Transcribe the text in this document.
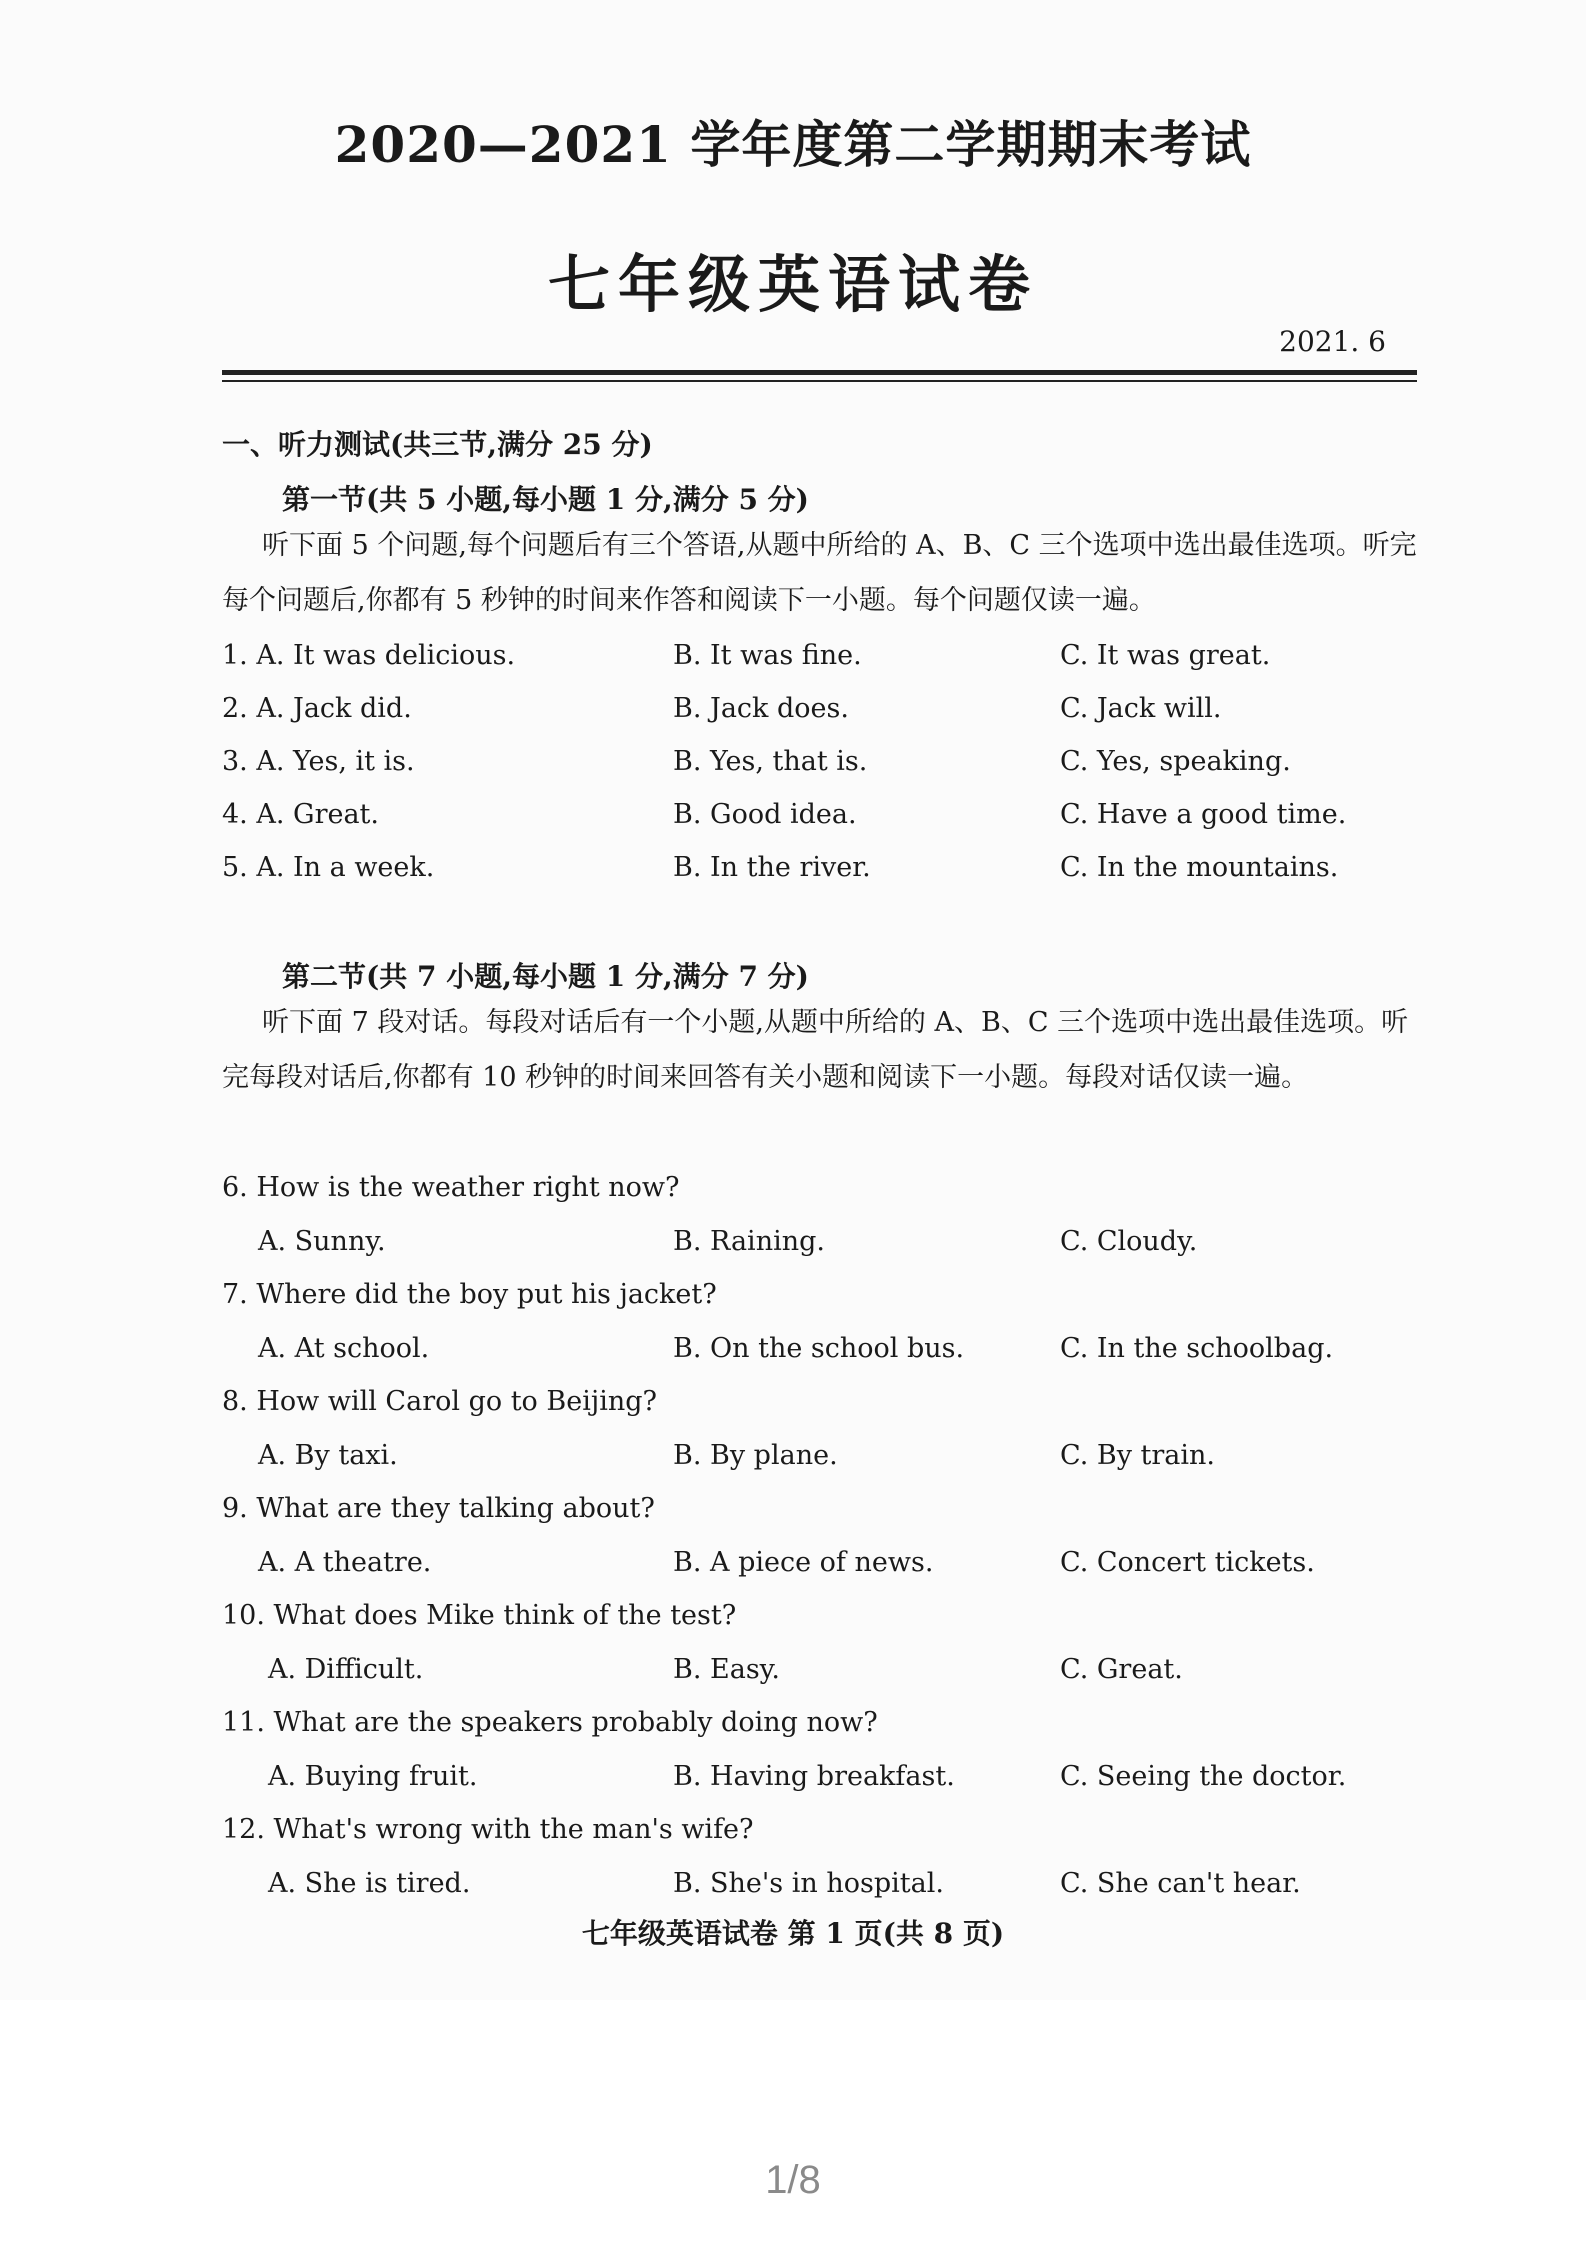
2020—2021 学年度第二学期期末考试
七年级英语试卷
2021. 6
一、听力测试(共三节,满分 25 分)
第一节(共 5 小题,每小题 1 分,满分 5 分)
听下面 5 个问题,每个问题后有三个答语,从题中所给的 A、B、C 三个选项中选出最佳选项。听完每个问题后,你都有 5 秒钟的时间来作答和阅读下一小题。每个问题仅读一遍。
1. A. It was delicious.	B. It was fine.	C. It was great.
2. A. Jack did.	B. Jack does.	C. Jack will.
3. A. Yes, it is.	B. Yes, that is.	C. Yes, speaking.
4. A. Great.	B. Good idea.	C. Have a good time.
5. A. In a week.	B. In the river.	C. In the mountains.
第二节(共 7 小题,每小题 1 分,满分 7 分)
听下面 7 段对话。每段对话后有一个小题,从题中所给的 A、B、C 三个选项中选出最佳选项。听完每段对话后,你都有 10 秒钟的时间来回答有关小题和阅读下一小题。每段对话仅读一遍。
6. How is the weather right now?
A. Sunny.	B. Raining.	C. Cloudy.
7. Where did the boy put his jacket?
A. At school.	B. On the school bus.	C. In the schoolbag.
8. How will Carol go to Beijing?
A. By taxi.	B. By plane.	C. By train.
9. What are they talking about?
A. A theatre.	B. A piece of news.	C. Concert tickets.
10. What does Mike think of the test?
A. Difficult.	B. Easy.	C. Great.
11. What are the speakers probably doing now?
A. Buying fruit.	B. Having breakfast.	C. Seeing the doctor.
12. What's wrong with the man's wife?
A. She is tired.	B. She's in hospital.	C. She can't hear.
七年级英语试卷 第 1 页(共 8 页)
1/8
